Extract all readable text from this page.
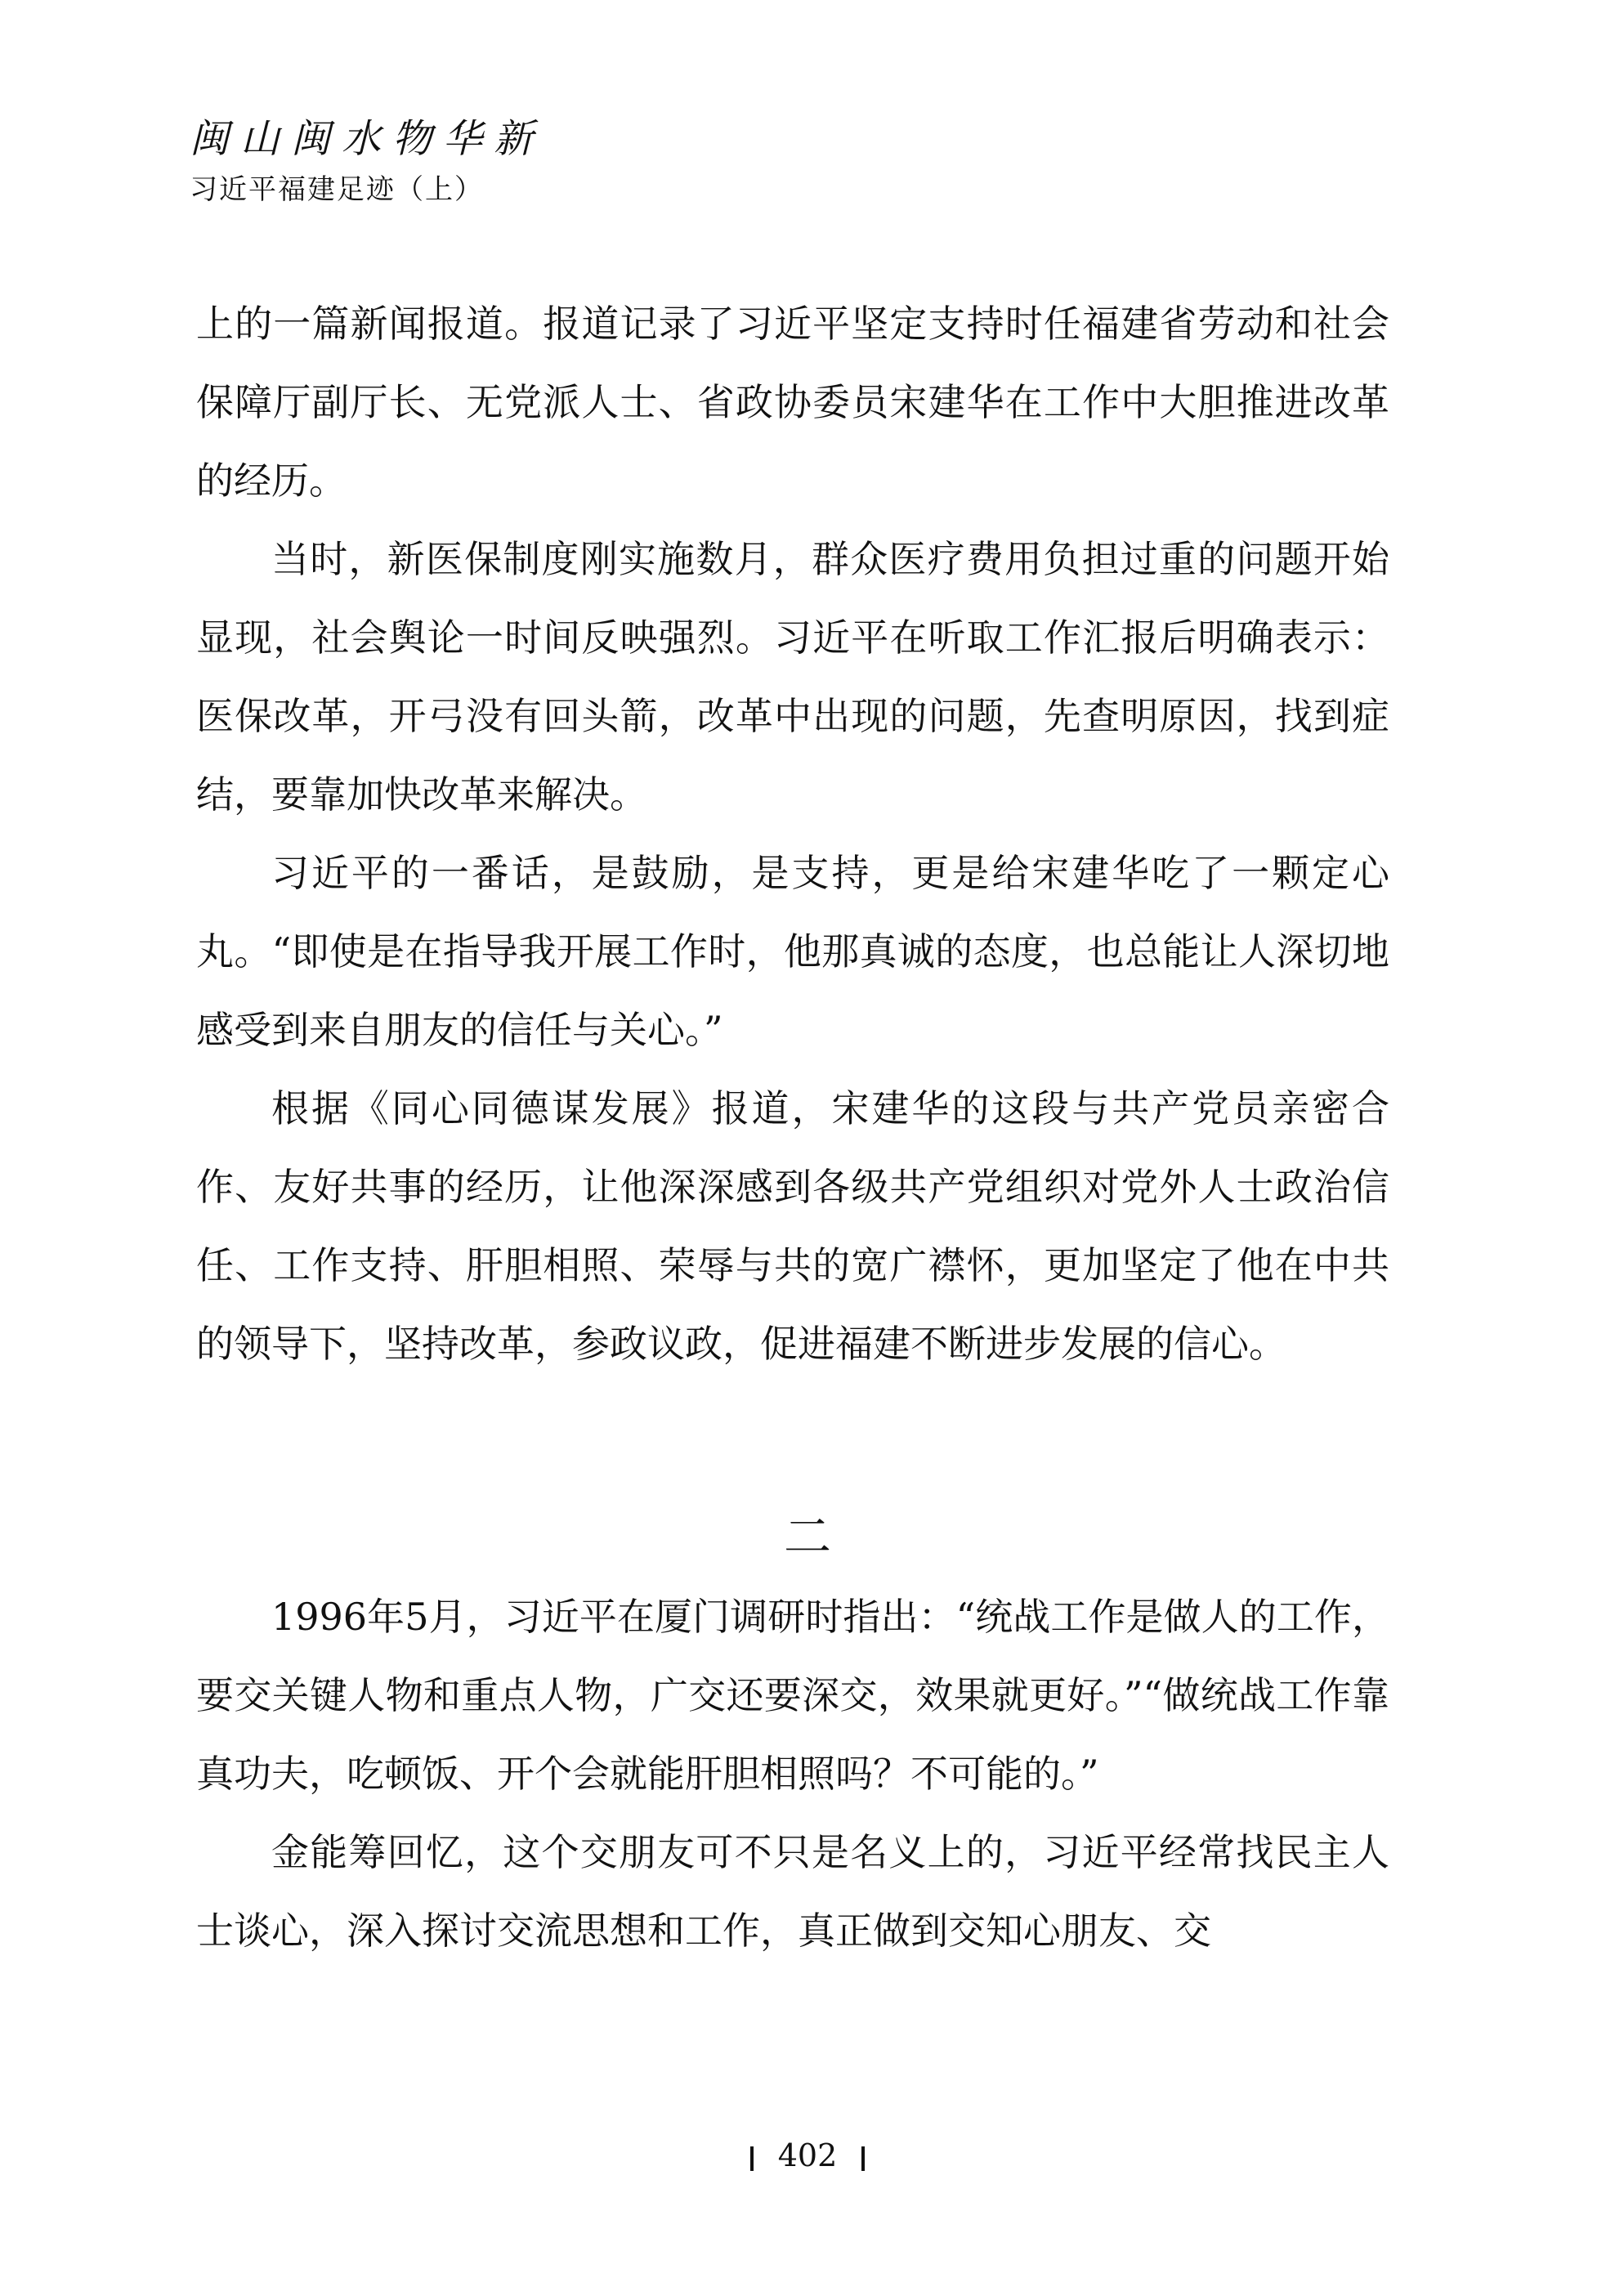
闽山闽水物华新
习近平福建足迹（上）

上的一篇新闻报道。报道记录了习近平坚定支持时任福建省劳动和社会保障厅副厅长、无党派人士、省政协委员宋建华在工作中大胆推进改革的经历。

当时，新医保制度刚实施数月，群众医疗费用负担过重的问题开始显现，社会舆论一时间反映强烈。习近平在听取工作汇报后明确表示：医保改革，开弓没有回头箭，改革中出现的问题，先查明原因，找到症结，要靠加快改革来解决。

习近平的一番话，是鼓励，是支持，更是给宋建华吃了一颗定心丸。“即使是在指导我开展工作时，他那真诚的态度，也总能让人深切地感受到来自朋友的信任与关心。”

根据《同心同德谋发展》报道，宋建华的这段与共产党员亲密合作、友好共事的经历，让他深深感到各级共产党组织对党外人士政治信任、工作支持、肝胆相照、荣辱与共的宽广襟怀，更加坚定了他在中共的领导下，坚持改革，参政议政，促进福建不断进步发展的信心。

二

1996年5月，习近平在厦门调研时指出：“统战工作是做人的工作，要交关键人物和重点人物，广交还要深交，效果就更好。”“做统战工作靠真功夫，吃顿饭、开个会就能肝胆相照吗？不可能的。”

金能筹回忆，这个交朋友可不只是名义上的，习近平经常找民主人士谈心，深入探讨交流思想和工作，真正做到交知心朋友、交

402
